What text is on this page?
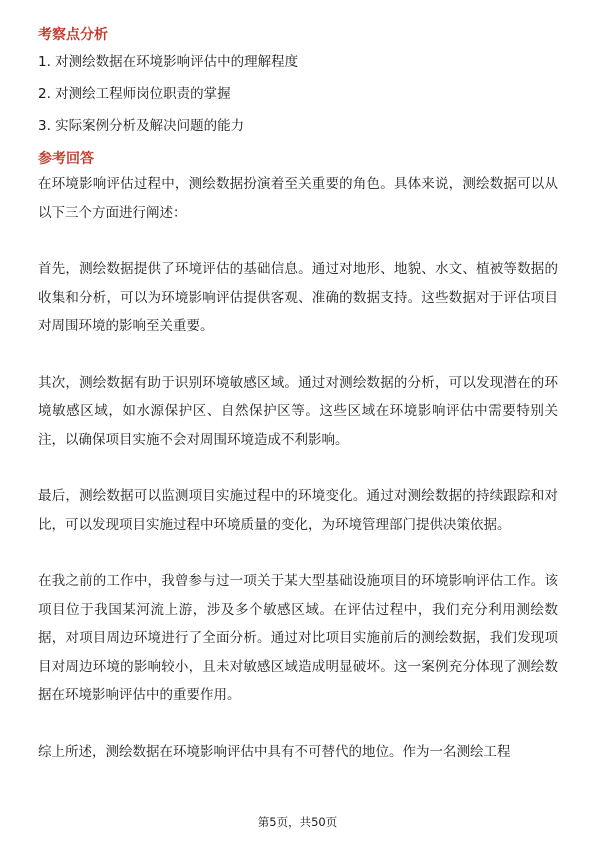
考察点分析
1. 对测绘数据在环境影响评估中的理解程度
2. 对测绘工程师岗位职责的掌握
3. 实际案例分析及解决问题的能力
参考回答

在环境影响评估过程中，测绘数据扮演着至关重要的角色。具体来说，测绘数据可以从以下三个方面进行阐述：

首先，测绘数据提供了环境评估的基础信息。通过对地形、地貌、水文、植被等数据的收集和分析，可以为环境影响评估提供客观、准确的数据支持。这些数据对于评估项目对周围环境的影响至关重要。

其次，测绘数据有助于识别环境敏感区域。通过对测绘数据的分析，可以发现潜在的环境敏感区域，如水源保护区、自然保护区等。这些区域在环境影响评估中需要特别关注，以确保项目实施不会对周围环境造成不利影响。

最后，测绘数据可以监测项目实施过程中的环境变化。通过对测绘数据的持续跟踪和对比，可以发现项目实施过程中环境质量的变化，为环境管理部门提供决策依据。

在我之前的工作中，我曾参与过一项关于某大型基础设施项目的环境影响评估工作。该项目位于我国某河流上游，涉及多个敏感区域。在评估过程中，我们充分利用测绘数据，对项目周边环境进行了全面分析。通过对比项目实施前后的测绘数据，我们发现项目对周边环境的影响较小，且未对敏感区域造成明显破坏。这一案例充分体现了测绘数据在环境影响评估中的重要作用。

综上所述，测绘数据在环境影响评估中具有不可替代的地位。作为一名测绘工程

第5页，共50页
